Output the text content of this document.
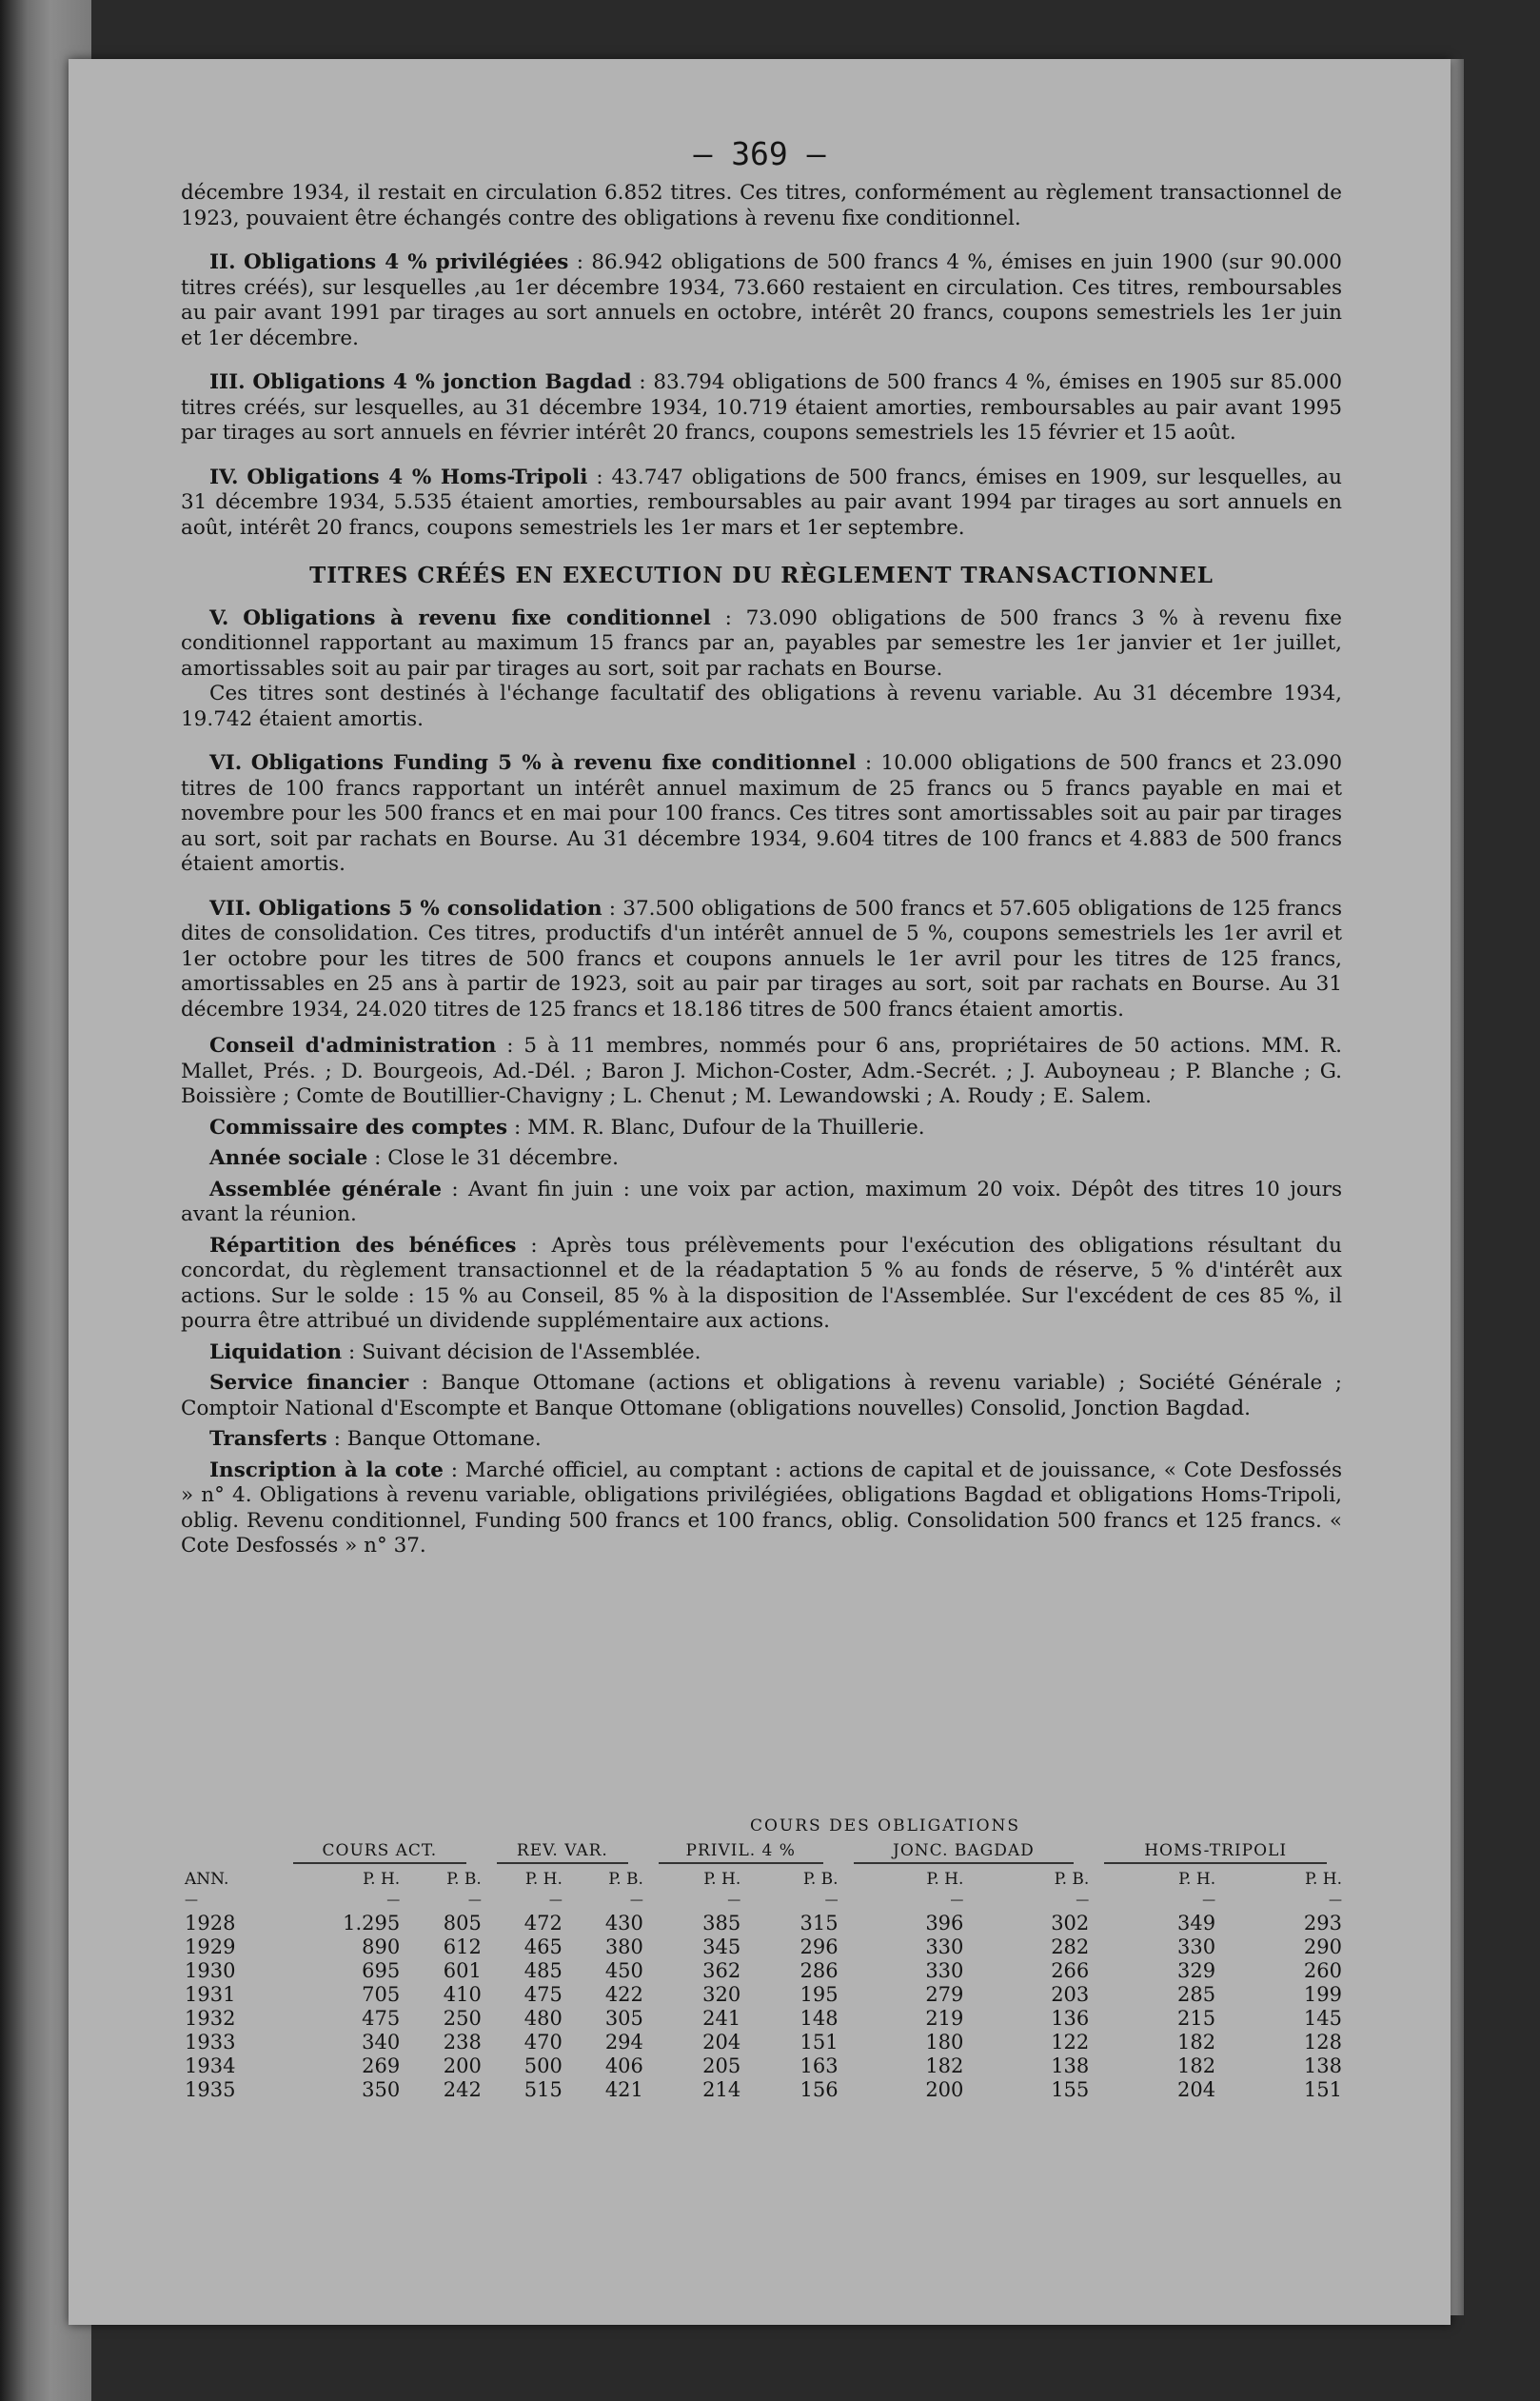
— 369 —

décembre 1934, il restait en circulation 6.852 titres. Ces titres, conformément au règlement transactionnel de 1923, pouvaient être échangés contre des obligations à revenu fixe conditionnel.

II. Obligations 4 % privilégiées : 86.942 obligations de 500 francs 4 %, émises en juin 1900 (sur 90.000 titres créés), sur lesquelles ,au 1er décembre 1934, 73.660 restaient en circulation. Ces titres, remboursables au pair avant 1991 par tirages au sort annuels en octobre, intérêt 20 francs, coupons semestriels les 1er juin et 1er décembre.

III. Obligations 4 % jonction Bagdad : 83.794 obligations de 500 francs 4 %, émises en 1905 sur 85.000 titres créés, sur lesquelles, au 31 décembre 1934, 10.719 étaient amorties, remboursables au pair avant 1995 par tirages au sort annuels en février intérêt 20 francs, coupons semestriels les 15 février et 15 août.

IV. Obligations 4 % Homs-Tripoli : 43.747 obligations de 500 francs, émises en 1909, sur lesquelles, au 31 décembre 1934, 5.535 étaient amorties, remboursables au pair avant 1994 par tirages au sort annuels en août, intérêt 20 francs, coupons semestriels les 1er mars et 1er septembre.

TITRES CRÉÉS EN EXECUTION DU RÈGLEMENT TRANSACTIONNEL

V. Obligations à revenu fixe conditionnel : 73.090 obligations de 500 francs 3 % à revenu fixe conditionnel rapportant au maximum 15 francs par an, payables par semestre les 1er janvier et 1er juillet, amortissables soit au pair par tirages au sort, soit par rachats en Bourse.

Ces titres sont destinés à l'échange facultatif des obligations à revenu variable. Au 31 décembre 1934, 19.742 étaient amortis.

VI. Obligations Funding 5 % à revenu fixe conditionnel : 10.000 obligations de 500 francs et 23.090 titres de 100 francs rapportant un intérêt annuel maximum de 25 francs ou 5 francs payable en mai et novembre pour les 500 francs et en mai pour 100 francs. Ces titres sont amortissables soit au pair par tirages au sort, soit par rachats en Bourse. Au 31 décembre 1934, 9.604 titres de 100 francs et 4.883 de 500 francs étaient amortis.

VII. Obligations 5 % consolidation : 37.500 obligations de 500 francs et 57.605 obligations de 125 francs dites de consolidation. Ces titres, productifs d'un intérêt annuel de 5 %, coupons semestriels les 1er avril et 1er octobre pour les titres de 500 francs et coupons annuels le 1er avril pour les titres de 125 francs, amortissables en 25 ans à partir de 1923, soit au pair par tirages au sort, soit par rachats en Bourse. Au 31 décembre 1934, 24.020 titres de 125 francs et 18.186 titres de 500 francs étaient amortis.

Conseil d'administration : 5 à 11 membres, nommés pour 6 ans, propriétaires de 50 actions. MM. R. Mallet, Prés. ; D. Bourgeois, Ad.-Dél. ; Baron J. Michon-Coster, Adm.-Secrét. ; J. Auboyneau ; P. Blanche ; G. Boissière ; Comte de Boutillier-Chavigny ; L. Chenut ; M. Lewandowski ; A. Roudy ; E. Salem.

Commissaire des comptes : MM. R. Blanc, Dufour de la Thuillerie.

Année sociale : Close le 31 décembre.

Assemblée générale : Avant fin juin : une voix par action, maximum 20 voix. Dépôt des titres 10 jours avant la réunion.

Répartition des bénéfices : Après tous prélèvements pour l'exécution des obligations résultant du concordat, du règlement transactionnel et de la réadaptation 5 % au fonds de réserve, 5 % d'intérêt aux actions. Sur le solde : 15 % au Conseil, 85 % à la disposition de l'Assemblée. Sur l'excédent de ces 85 %, il pourra être attribué un dividende supplémentaire aux actions.

Liquidation : Suivant décision de l'Assemblée.

Service financier : Banque Ottomane (actions et obligations à revenu variable) ; Société Générale ; Comptoir National d'Escompte et Banque Ottomane (obligations nouvelles) Consolid, Jonction Bagdad.

Transferts : Banque Ottomane.

Inscription à la cote : Marché officiel, au comptant : actions de capital et de jouissance, « Cote Desfossés » n° 4. Obligations à revenu variable, obligations privilégiées, obligations Bagdad et obligations Homs-Tripoli, oblig. Revenu conditionnel, Funding 500 francs et 100 francs, oblig. Consolidation 500 francs et 125 francs. « Cote Desfossés » n° 37.

COURS DES OBLIGATIONS
	COURS ACT.		REV. VAR.		PRIVIL. 4 %		JONC. BAGDAD		HOMS-TRIPOLI	

ANN.	P. H.	P. B.	P. H.	P. B.	P. H.	P. B.	P. H.	P. B.	P. H.	P. H.
—	—	—	—	—	—	—	—	—	—	—
1928	1.295	805	472	430	385	315	396	302	349	293
1929	890	612	465	380	345	296	330	282	330	290
1930	695	601	485	450	362	286	330	266	329	260
1931	705	410	475	422	320	195	279	203	285	199
1932	475	250	480	305	241	148	219	136	215	145
1933	340	238	470	294	204	151	180	122	182	128
1934	269	200	500	406	205	163	182	138	182	138
1935	350	242	515	421	214	156	200	155	204	151
